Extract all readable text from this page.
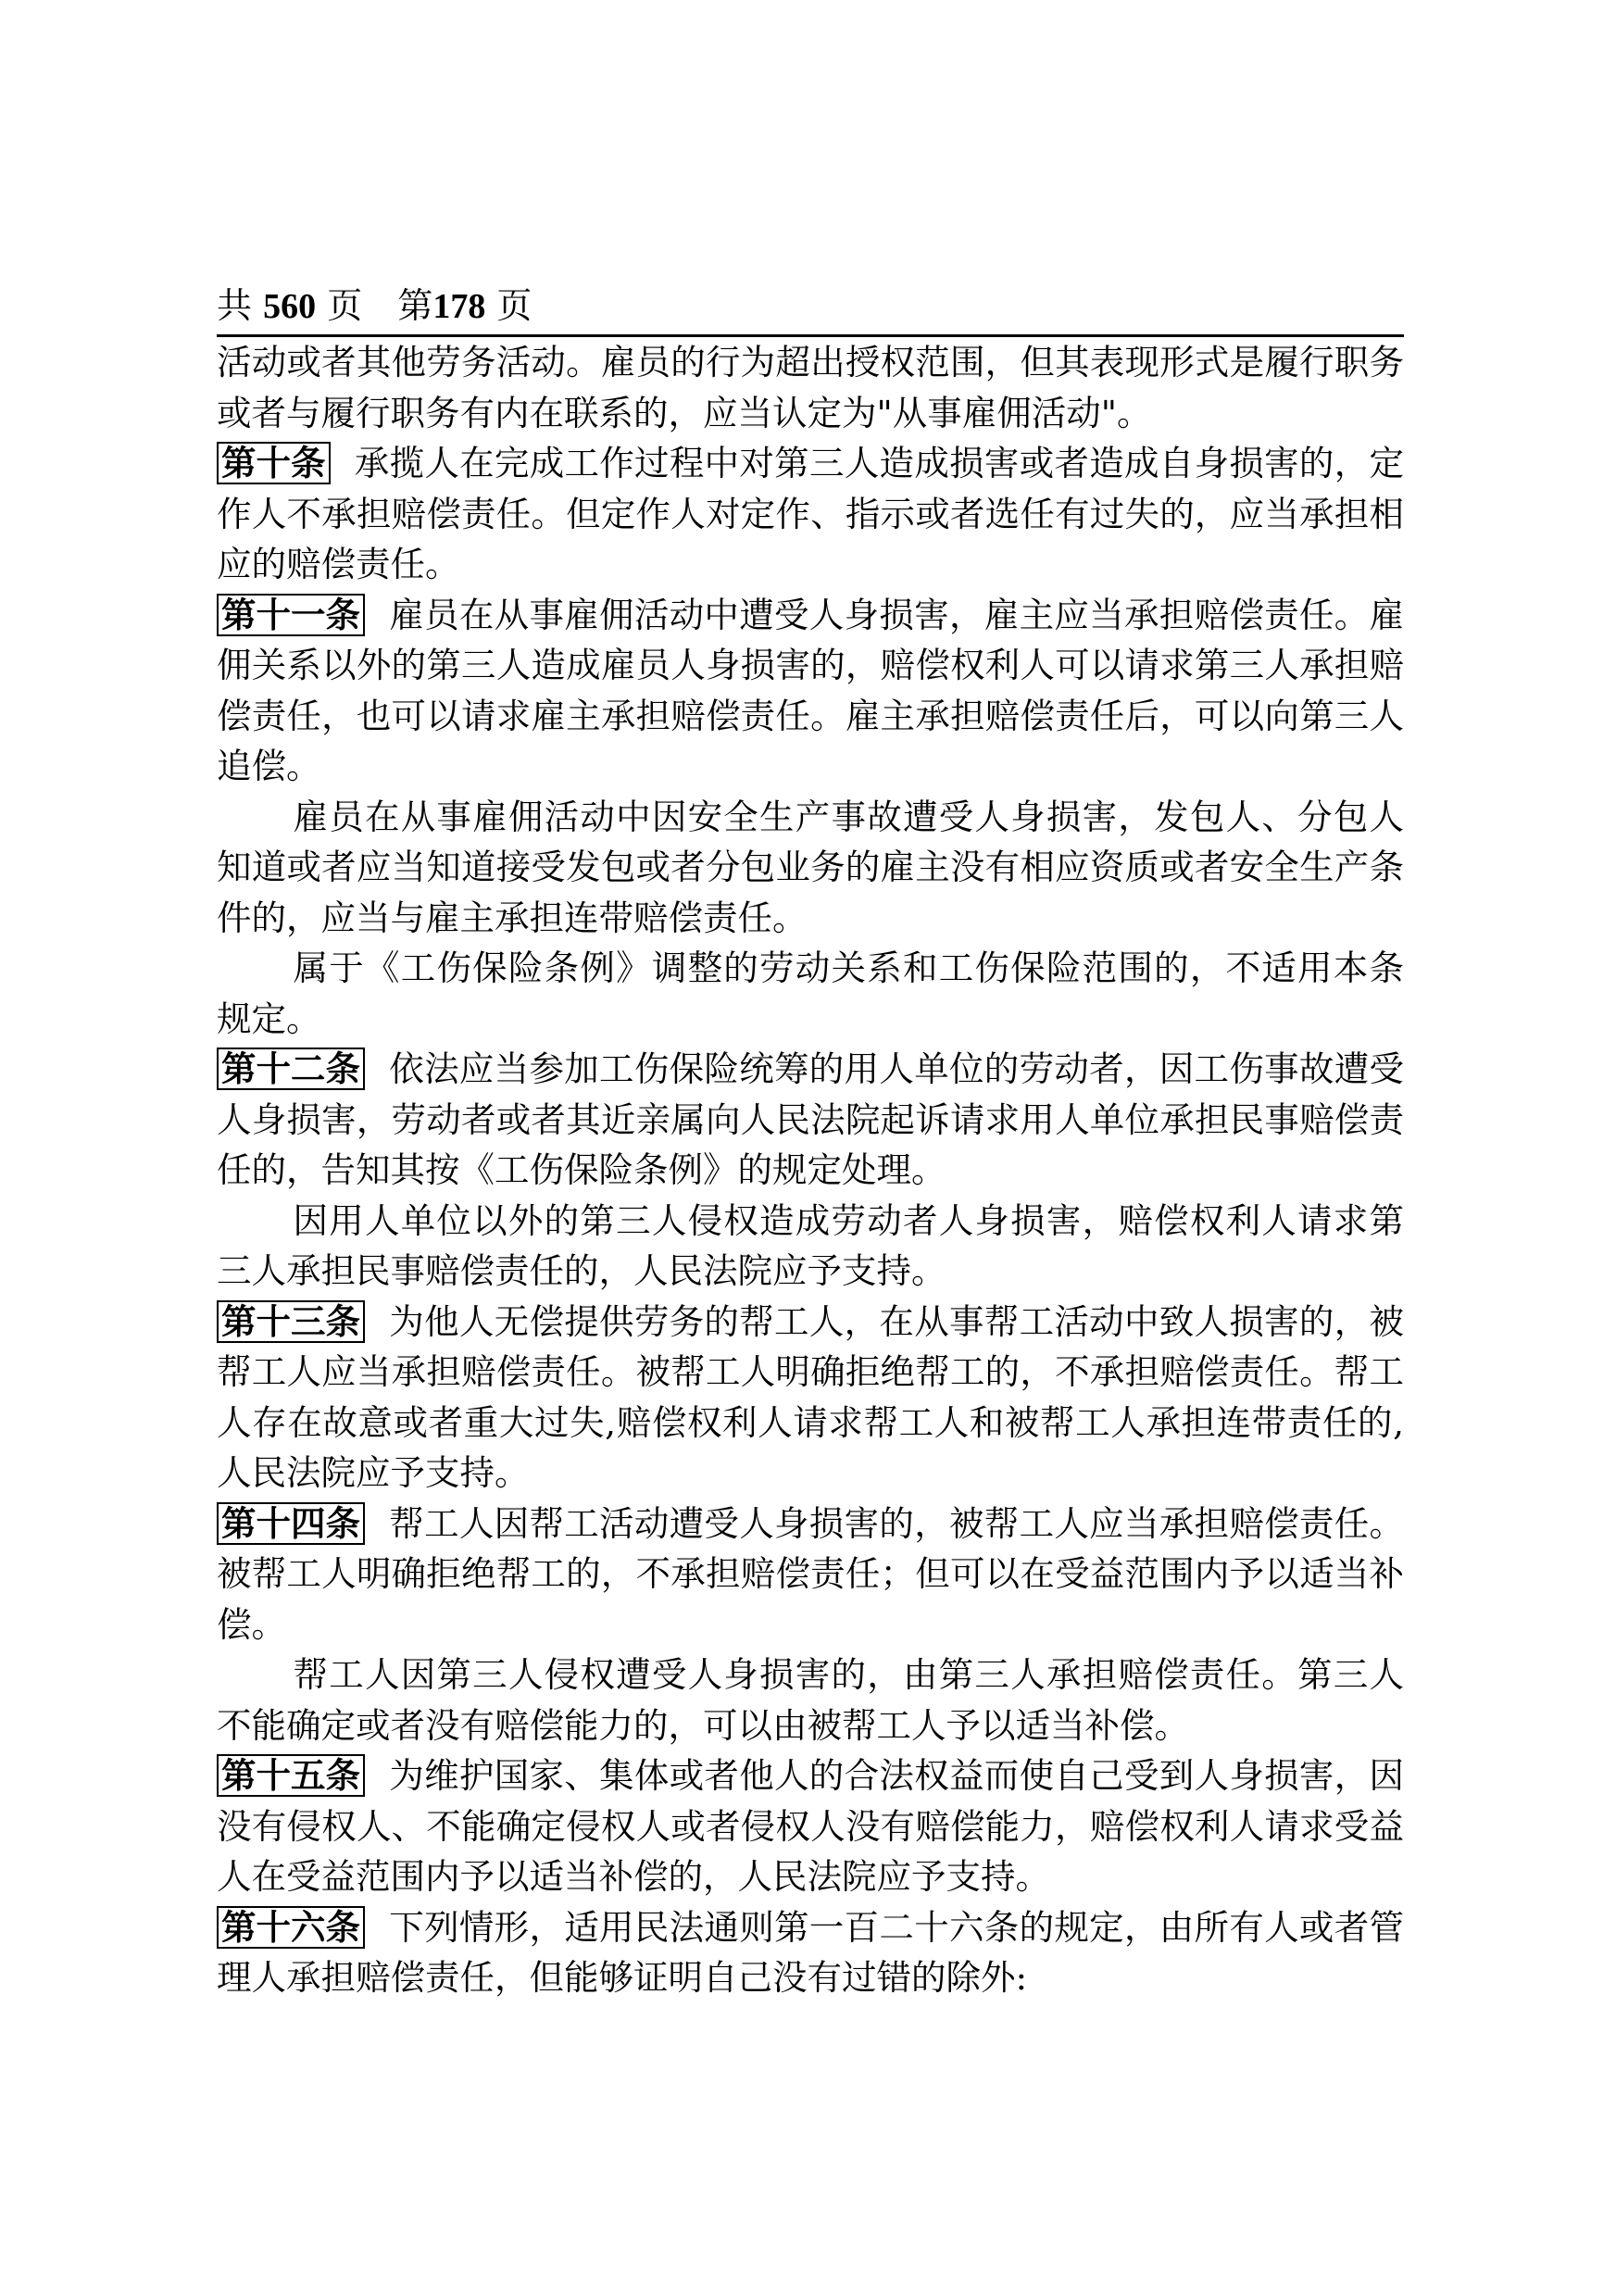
共 560 页 第178 页

活动或者其他劳务活动。雇员的行为超出授权范围，但其表现形式是履行职务或者与履行职务有内在联系的，应当认定为"从事雇佣活动"。

第十条 承揽人在完成工作过程中对第三人造成损害或者造成自身损害的，定作人不承担赔偿责任。但定作人对定作、指示或者选任有过失的，应当承担相应的赔偿责任。

第十一条 雇员在从事雇佣活动中遭受人身损害，雇主应当承担赔偿责任。雇佣关系以外的第三人造成雇员人身损害的，赔偿权利人可以请求第三人承担赔偿责任，也可以请求雇主承担赔偿责任。雇主承担赔偿责任后，可以向第三人追偿。

雇员在从事雇佣活动中因安全生产事故遭受人身损害，发包人、分包人知道或者应当知道接受发包或者分包业务的雇主没有相应资质或者安全生产条件的，应当与雇主承担连带赔偿责任。

属于《工伤保险条例》调整的劳动关系和工伤保险范围的，不适用本条规定。

第十二条 依法应当参加工伤保险统筹的用人单位的劳动者，因工伤事故遭受人身损害，劳动者或者其近亲属向人民法院起诉请求用人单位承担民事赔偿责任的，告知其按《工伤保险条例》的规定处理。

因用人单位以外的第三人侵权造成劳动者人身损害，赔偿权利人请求第三人承担民事赔偿责任的，人民法院应予支持。

第十三条 为他人无偿提供劳务的帮工人，在从事帮工活动中致人损害的，被帮工人应当承担赔偿责任。被帮工人明确拒绝帮工的，不承担赔偿责任。帮工人存在故意或者重大过失,赔偿权利人请求帮工人和被帮工人承担连带责任的,人民法院应予支持。

第十四条 帮工人因帮工活动遭受人身损害的，被帮工人应当承担赔偿责任。被帮工人明确拒绝帮工的，不承担赔偿责任；但可以在受益范围内予以适当补偿。

帮工人因第三人侵权遭受人身损害的，由第三人承担赔偿责任。第三人不能确定或者没有赔偿能力的，可以由被帮工人予以适当补偿。

第十五条 为维护国家、集体或者他人的合法权益而使自己受到人身损害，因没有侵权人、不能确定侵权人或者侵权人没有赔偿能力，赔偿权利人请求受益人在受益范围内予以适当补偿的，人民法院应予支持。

第十六条 下列情形，适用民法通则第一百二十六条的规定，由所有人或者管理人承担赔偿责任，但能够证明自己没有过错的除外:
